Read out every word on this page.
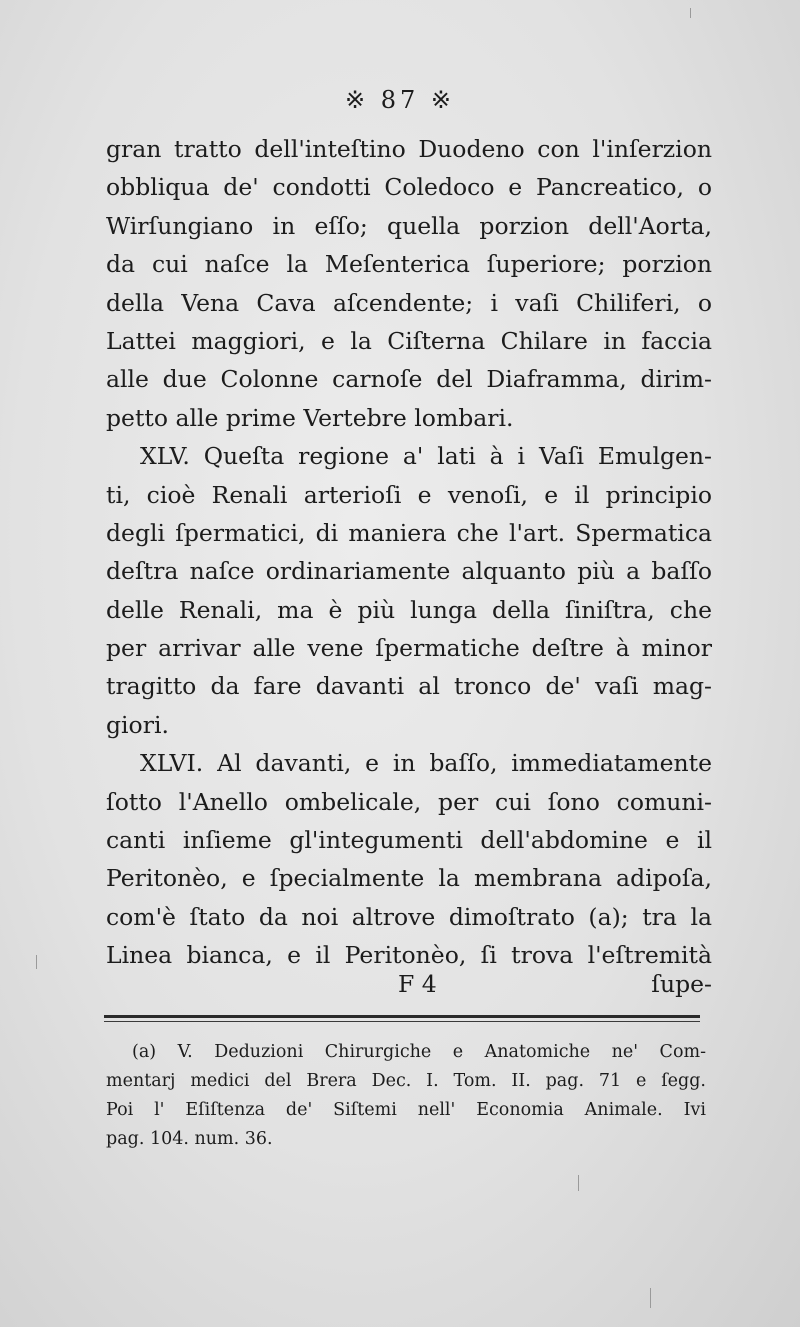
※ 87 ※
gran tratto dell'inteſtino Duodeno con l'inſerzion
obbliqua de' condotti Coledoco e Pancreatico, o
Wirſungiano in eſſo; quella porzion dell'Aorta,
da cui naſce la Meſenterica ſuperiore; porzion
della Vena Cava aſcendente; i vaſi Chiliferi, o
Lattei maggiori, e la Ciſterna Chilare in faccia
alle due Colonne carnoſe del Diaframma, dirim-
petto alle prime Vertebre lombari.
XLV. Queſta regione a' lati à i Vaſi Emulgen-
ti, cioè Renali arterioſi e venoſi, e il principio
degli ſpermatici, di maniera che l'art. Spermatica
deſtra naſce ordinariamente alquanto più a baſſo
delle Renali, ma è più lunga della ſiniſtra, che
per arrivar alle vene ſpermatiche deſtre à minor
tragitto da fare davanti al tronco de' vaſi mag-
giori.
XLVI. Al davanti, e in baſſo, immediatamente
ſotto l'Anello ombelicale, per cui ſono comuni-
canti inſieme gl'integumenti dell'abdomine e il
Peritonèo, e ſpecialmente la membrana adipoſa,
com'è ſtato da noi altrove dimoſtrato (a); tra la
Linea bianca, e il Peritonèo, ſi trova l'eſtremità
F 4	ſupe-
(a) V. Deduzioni Chirurgiche e Anatomiche ne' Com-
mentarj medici del Brera Dec. I. Tom. II. pag. 71 e ſegg.
Poi l' Eſiſtenza de' Siſtemi nell' Economia Animale. Ivi
pag. 104. num. 36.
